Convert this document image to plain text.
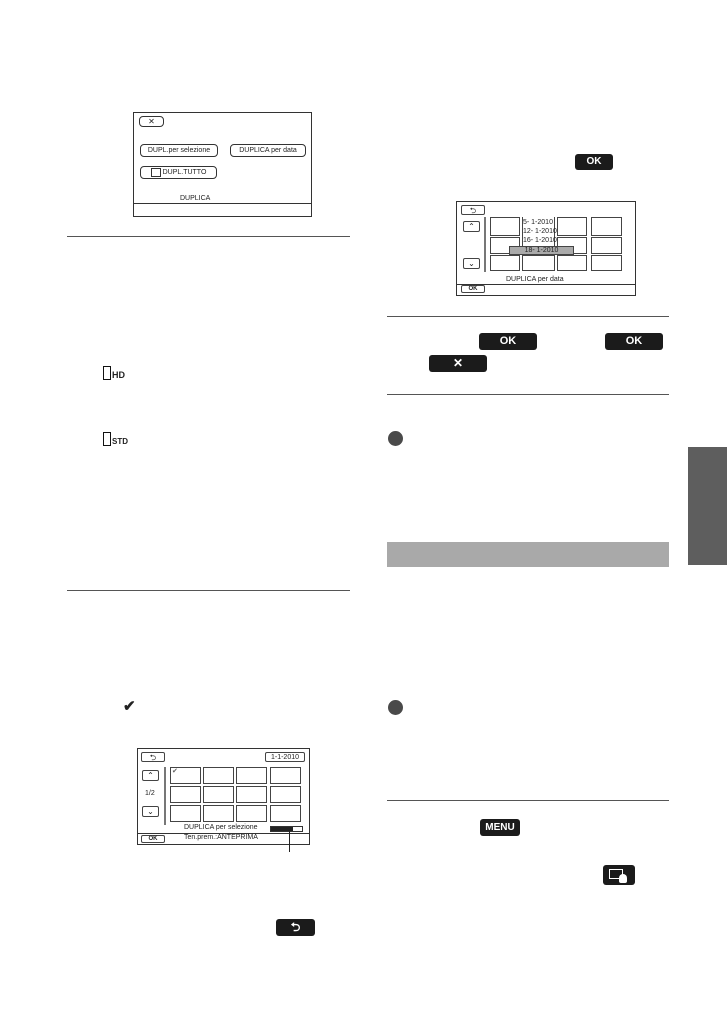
✕
DUPL.per selezione	DUPLICA per data
DUPL.TUTTO
DUPLICA
HD
STD
✔
⮌	1-1-2010
⌃
1/2
⌄
✔
DUPLICA per selezione
OK	Ten.prem.:ANTEPRIMA
⮌
OK
⮌
⌃
⌄
5- 1-2010
12- 1-2010
16- 1-2010
18- 1-2010
DUPLICA per data
OK
OK	OK
✕
MENU
